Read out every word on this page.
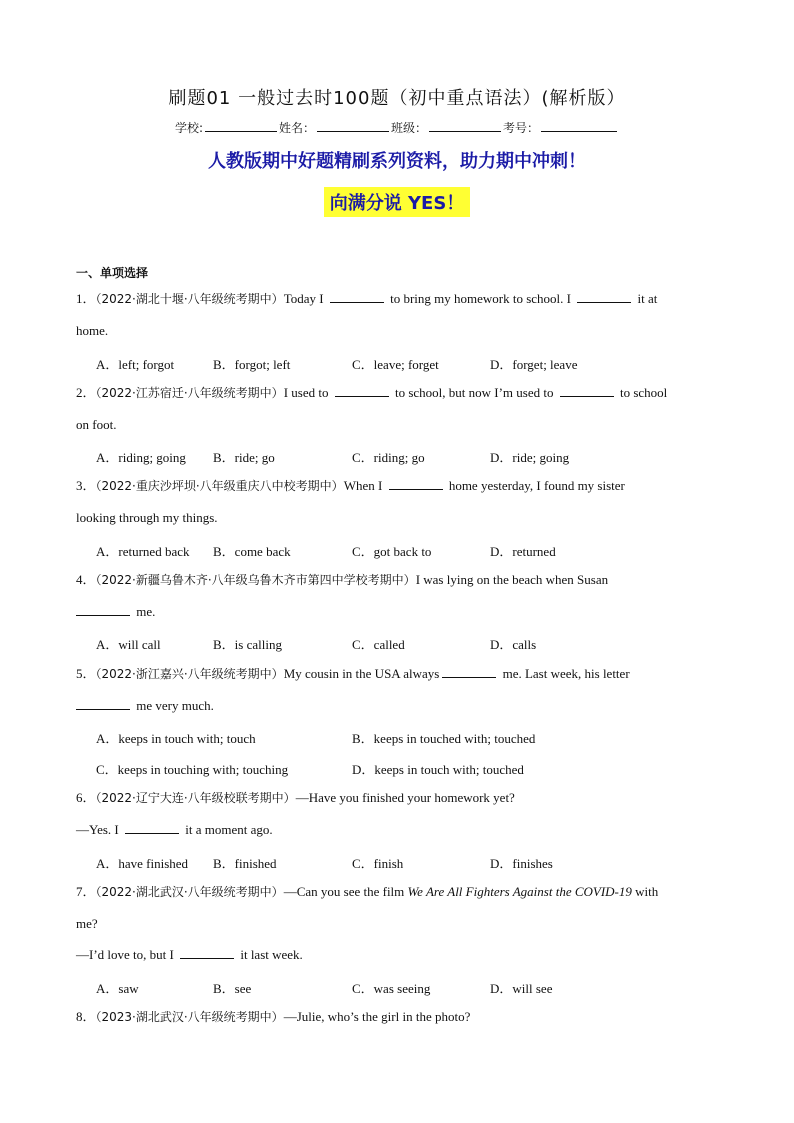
刷题01 一般过去时100题（初中重点语法）(解析版）
学校:	姓名：	班级：	考号：
人教版期中好题精刷系列资料，助力期中冲刺！
向满分说 YES！
一、单项选择
1．（2022·湖北十堰·八年级统考期中）Today I	to bring my homework to school. I	it at
home.
A．left; forgot	B．forgot; left	C．leave; forget	D．forget; leave
2．（2022·江苏宿迁·八年级统考期中）I used to	to school, but now I’m used to	to school
on foot.
A．riding; going B．ride; go	C．riding; go	D．ride; going
3．（2022·重庆沙坪坝·八年级重庆八中校考期中）When I	home yesterday, I found my sister
looking through my things.
A．returned back B．come back	C．got back to	D．returned
4．（2022·新疆乌鲁木齐·八年级乌鲁木齐市第四中学校考期中）I was lying on the beach when Susan
me.
A．will call	B．is calling	C．called	D．calls
5．（2022·浙江嘉兴·八年级统考期中）My cousin in the USA always	me. Last week, his letter
me very much.
A．keeps in touch with; touch	B．keeps in touched with; touched
C．keeps in touching with; touching	D．keeps in touch with; touched
6．（2022·辽宁大连·八年级校联考期中）—Have you finished your homework yet?
—Yes. I	it a moment ago.
A．have finished B．finished	C．finish	D．finishes
7．（2022·湖北武汉·八年级统考期中）—Can you see the film We Are All Fighters Against the COVID-19 with
me?
—I’d love to, but I	it last week.
A．saw	B．see	C．was seeing	D．will see
8．（2023·湖北武汉·八年级统考期中）—Julie, who’s the girl in the photo?
